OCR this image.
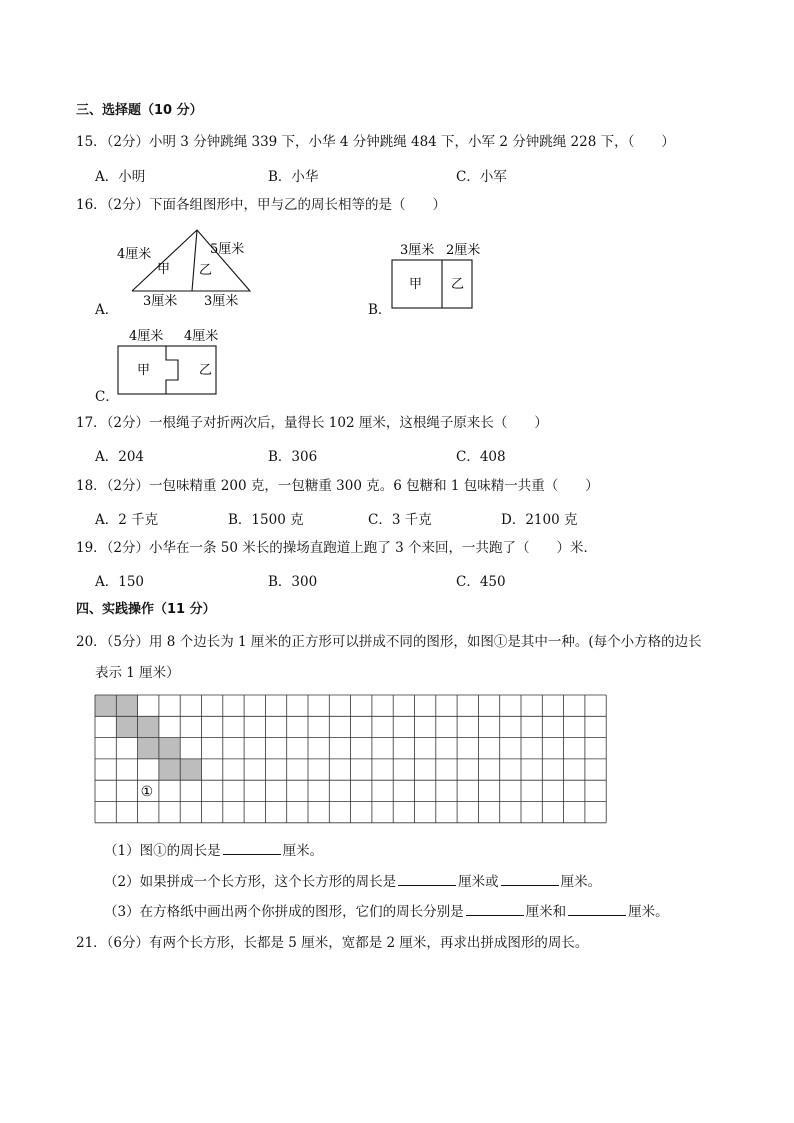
三、选择题（10 分）
15．（2分）小明 3 分钟跳绳 339 下，小华 4 分钟跳绳 484 下，小军 2 分钟跳绳 228 下，（　　）
A．小明	B．小华	C．小军
16．（2分）下面各组图形中，甲与乙的周长相等的是（　　）
A．	B．
C．
4厘米	5厘米
甲 乙
3厘米 3厘米
3厘米 2厘米
甲 乙
4厘米 4厘米
甲	乙
17．（2分）一根绳子对折两次后，量得长 102 厘米，这根绳子原来长（　　）
A．204	B．306	C．408
18．（2分）一包味精重 200 克，一包糖重 300 克。6 包糖和 1 包味精一共重（　　）
A．2 千克	B．1500 克	C．3 千克	D．2100 克
19．（2分）小华在一条 50 米长的操场直跑道上跑了 3 个来回，一共跑了（　　）米．
A．150	B．300	C．450
四、实践操作（11 分）
20．（5分）用 8 个边长为 1 厘米的正方形可以拼成不同的图形，如图①是其中一种。(每个小方格的边长
表示 1 厘米）
①
（1）图①的周长是	厘米。
（2）如果拼成一个长方形，这个长方形的周长是	厘米或	厘米。
（3）在方格纸中画出两个你拼成的图形，它们的周长分别是	厘米和	厘米。
21．（6分）有两个长方形，长都是 5 厘米，宽都是 2 厘米，再求出拼成图形的周长。
